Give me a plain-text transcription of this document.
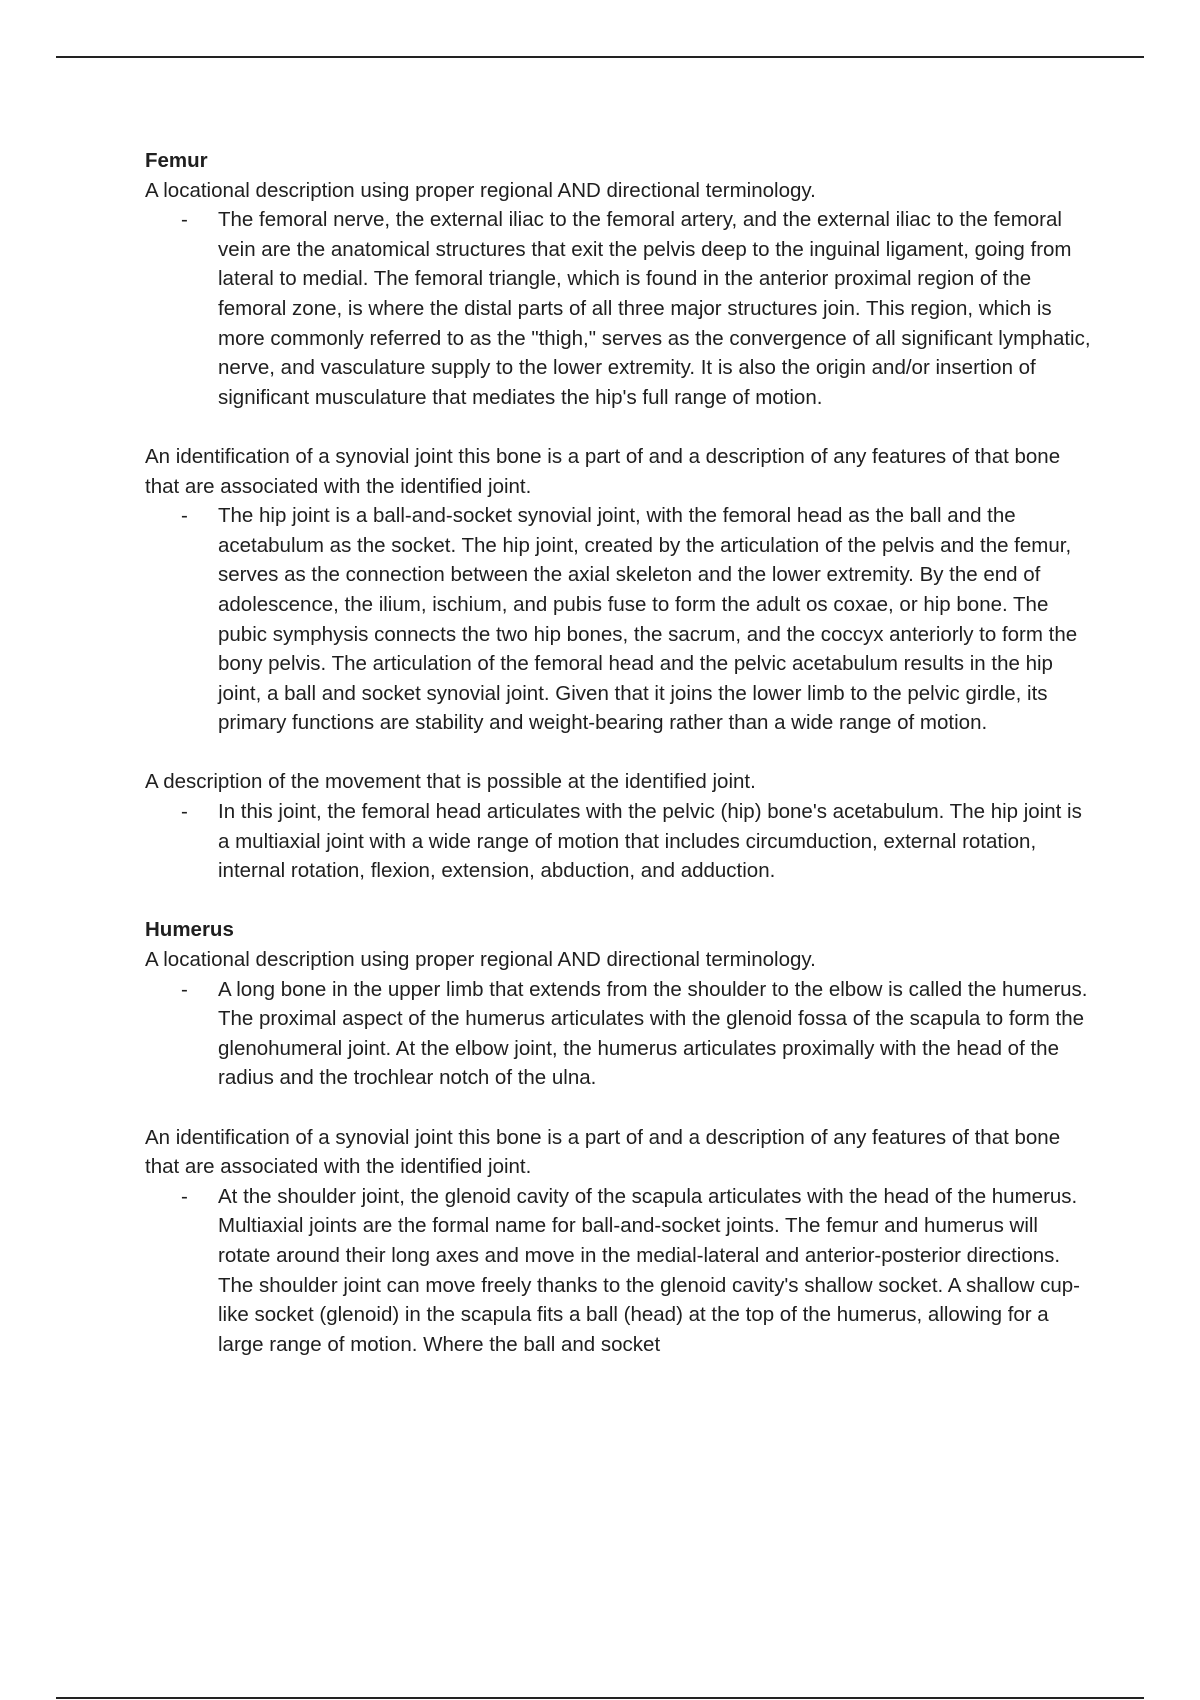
Femur

A locational description using proper regional AND directional terminology.

- The femoral nerve, the external iliac to the femoral artery, and the external iliac to the femoral vein are the anatomical structures that exit the pelvis deep to the inguinal ligament, going from lateral to medial. The femoral triangle, which is found in the anterior proximal region of the femoral zone, is where the distal parts of all three major structures join. This region, which is more commonly referred to as the "thigh," serves as the convergence of all significant lymphatic, nerve, and vasculature supply to the lower extremity. It is also the origin and/or insertion of significant musculature that mediates the hip's full range of motion.

An identification of a synovial joint this bone is a part of and a description of any features of that bone that are associated with the identified joint.

- The hip joint is a ball-and-socket synovial joint, with the femoral head as the ball and the acetabulum as the socket. The hip joint, created by the articulation of the pelvis and the femur, serves as the connection between the axial skeleton and the lower extremity. By the end of adolescence, the ilium, ischium, and pubis fuse to form the adult os coxae, or hip bone. The pubic symphysis connects the two hip bones, the sacrum, and the coccyx anteriorly to form the bony pelvis. The articulation of the femoral head and the pelvic acetabulum results in the hip joint, a ball and socket synovial joint. Given that it joins the lower limb to the pelvic girdle, its primary functions are stability and weight-bearing rather than a wide range of motion.

A description of the movement that is possible at the identified joint.

- In this joint, the femoral head articulates with the pelvic (hip) bone's acetabulum. The hip joint is a multiaxial joint with a wide range of motion that includes circumduction, external rotation, internal rotation, flexion, extension, abduction, and adduction.

Humerus

A locational description using proper regional AND directional terminology.

- A long bone in the upper limb that extends from the shoulder to the elbow is called the humerus. The proximal aspect of the humerus articulates with the glenoid fossa of the scapula to form the glenohumeral joint. At the elbow joint, the humerus articulates proximally with the head of the radius and the trochlear notch of the ulna.

An identification of a synovial joint this bone is a part of and a description of any features of that bone that are associated with the identified joint.

- At the shoulder joint, the glenoid cavity of the scapula articulates with the head of the humerus. Multiaxial joints are the formal name for ball-and-socket joints. The femur and humerus will rotate around their long axes and move in the medial-lateral and anterior-posterior directions. The shoulder joint can move freely thanks to the glenoid cavity's shallow socket. A shallow cup-like socket (glenoid) in the scapula fits a ball (head) at the top of the humerus, allowing for a large range of motion. Where the ball and socket
